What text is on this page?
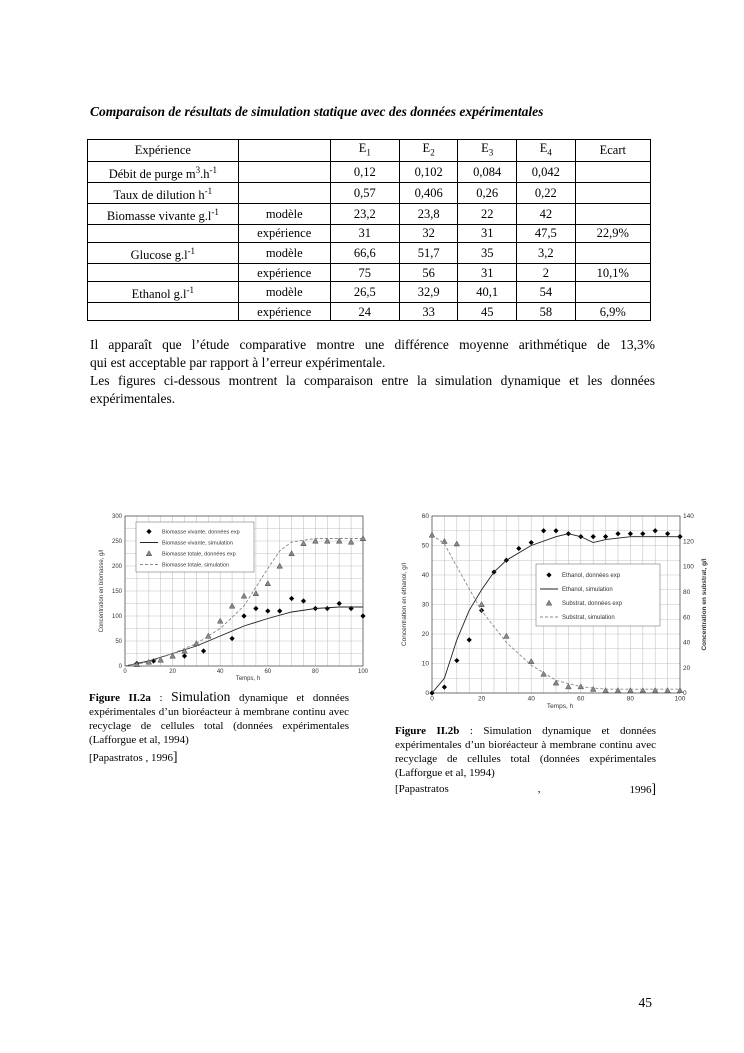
Comparaison de résultats de simulation statique avec des données expérimentales
Expérience		$E_1$	$E_2$	$E_3$	$E_4$	Ecart
Débit de purge $m^3.h^{-1}$		0,12	0,102	0,084	0,042	
Taux de dilution $h^{-1}$		0,57	0,406	0,26	0,22	
Biomasse vivante $g.l^{-1}$	modèle	23,2	23,8	22	42	
	expérience	31	32	31	47,5	22,9%
Glucose $g.l^{-1}$	modèle	66,6	51,7	35	3,2	
	expérience	75	56	31	2	10,1%
Ethanol $g.l^{-1}$	modèle	26,5	32,9	40,1	54	
	expérience	24	33	45	58	6,9%
Il apparaît que l’étude comparative montre une différence moyenne arithmétique de 13,3%
qui est acceptable par rapport à l’erreur expérimentale.
Les figures ci-dessous montrent la comparaison entre la simulation dynamique et les données
expérimentales.
0	20	40	60	80	100
0
50
100
150
200
250
300
Temps, h
Concentration en biomasse, g/l
Biomasse vivante, données exp
Biomasse vivante, simulation
Biomasse totale, données exp
Biomasse totale, simulation
Figure II.2a : Simulation dynamique et données expérimentales d’un bioréacteur à membrane continu avec recyclage de cellules total (données expérimentales (Lafforgue et al, 1994)
[Papastratos , 1996]
0	20	40	60	80	100
0
10
20
30
40
50
60
0
20
40
60
80
100
120
140
Temps, h
Concentration en éthanol, g/l	Concentration en substrat, g/l
Ethanol, données exp
Ethanol, simulation
Substrat, données exp
Substrat, simulation
Figure II.2b : Simulation dynamique et données expérimentales d’un bioréacteur à membrane continu avec recyclage de cellules total (données expérimentales (Lafforgue et al, 1994)
[Papastratos	,	1996]
45
